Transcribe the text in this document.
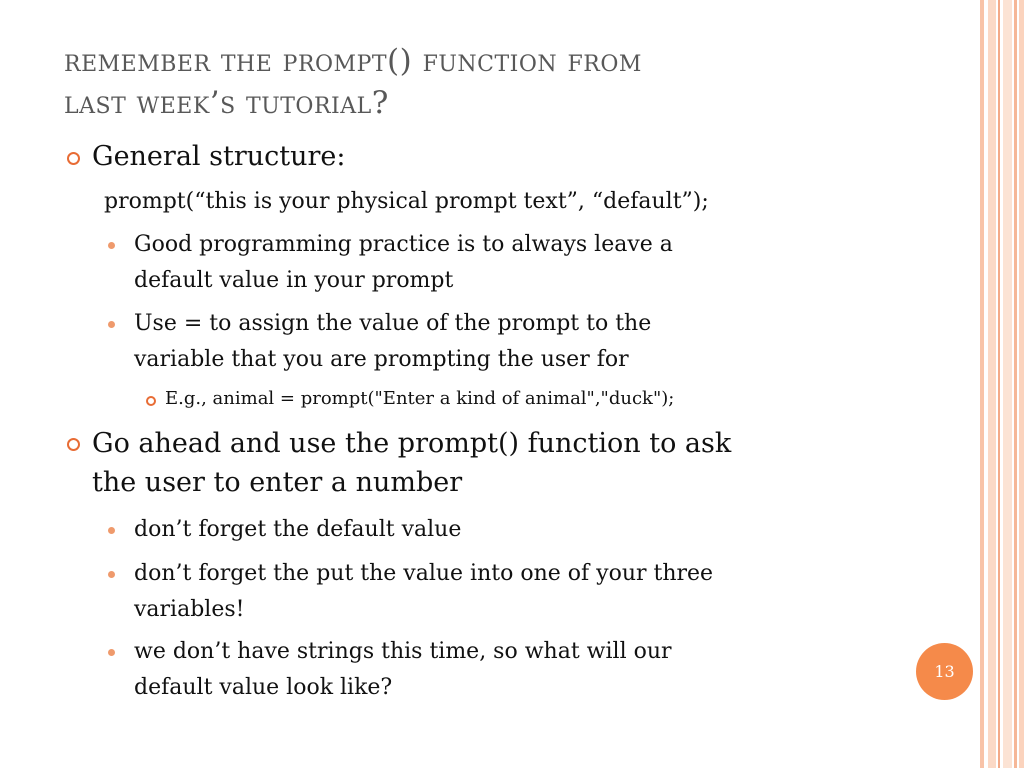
remember the prompt() function from
last week’s tutorial?
General structure:
prompt(“this is your physical prompt text”, “default”);
Good programming practice is to always leave a
default value in your prompt
Use = to assign the value of the prompt to the
variable that you are prompting the user for
E.g., animal = prompt("Enter a kind of animal","duck");
Go ahead and use the prompt() function to ask
the user to enter a number
don’t forget the default value
don’t forget the put the value into one of your three
variables!
we don’t have strings this time, so what will our
default value look like?
13
